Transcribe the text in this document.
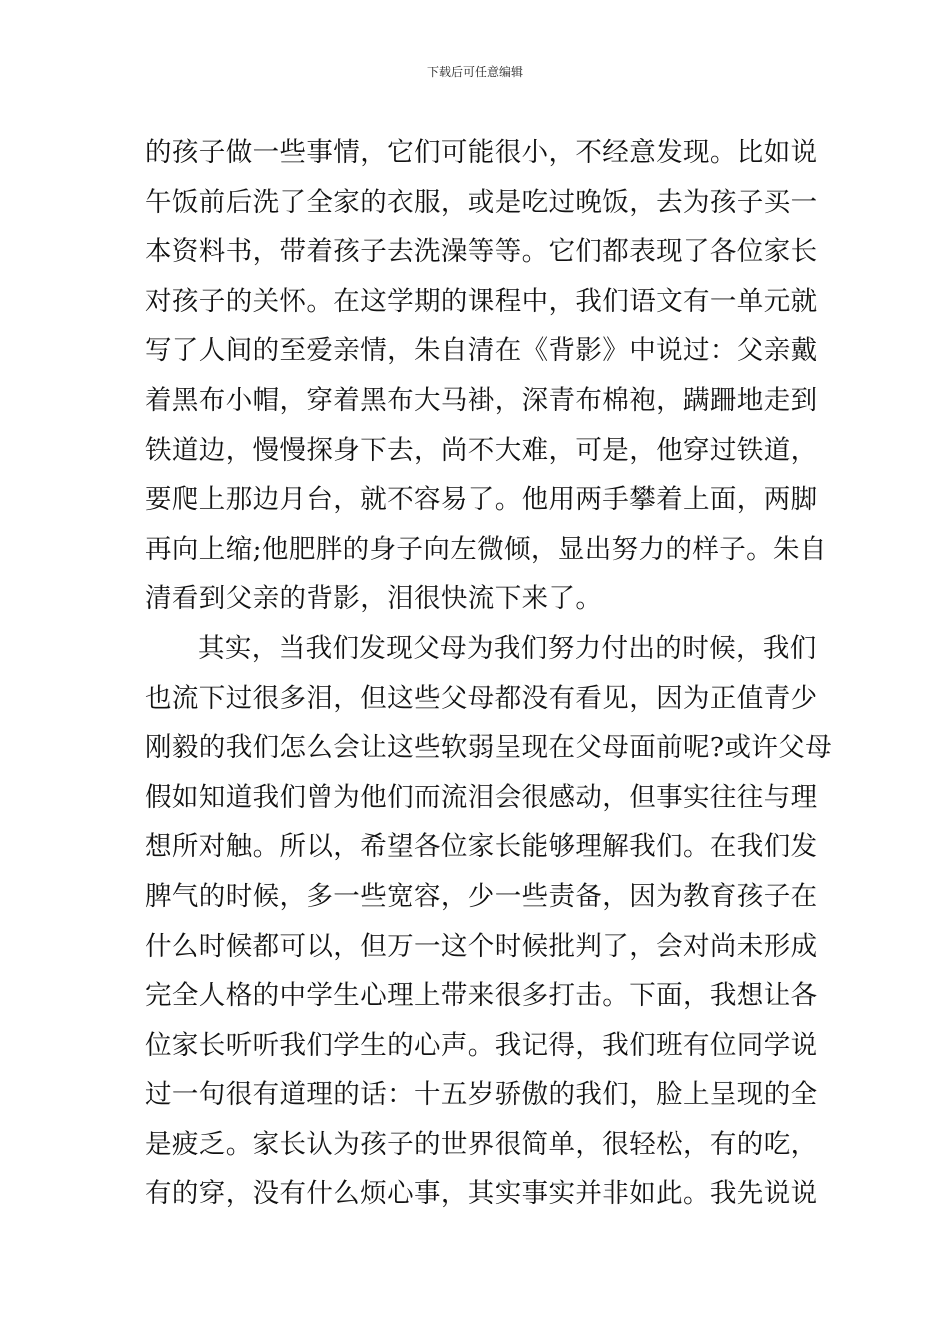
下载后可任意编辑
的孩子做一些事情，它们可能很小，不经意发现。比如说
午饭前后洗了全家的衣服，或是吃过晚饭，去为孩子买一
本资料书，带着孩子去洗澡等等。它们都表现了各位家长
对孩子的关怀。在这学期的课程中，我们语文有一单元就
写了人间的至爱亲情，朱自清在《背影》中说过：父亲戴
着黑布小帽，穿着黑布大马褂，深青布棉袍，蹒跚地走到
铁道边，慢慢探身下去，尚不大难，可是，他穿过铁道，
要爬上那边月台，就不容易了。他用两手攀着上面，两脚
再向上缩;他肥胖的身子向左微倾，显出努力的样子。朱自
清看到父亲的背影，泪很快流下来了。
其实，当我们发现父母为我们努力付出的时候，我们
也流下过很多泪，但这些父母都没有看见，因为正值青少
刚毅的我们怎么会让这些软弱呈现在父母面前呢?或许父母
假如知道我们曾为他们而流泪会很感动，但事实往往与理
想所对触。所以，希望各位家长能够理解我们。在我们发
脾气的时候，多一些宽容，少一些责备，因为教育孩子在
什么时候都可以，但万一这个时候批判了，会对尚未形成
完全人格的中学生心理上带来很多打击。下面，我想让各
位家长听听我们学生的心声。我记得，我们班有位同学说
过一句很有道理的话：十五岁骄傲的我们，脸上呈现的全
是疲乏。家长认为孩子的世界很简单，很轻松，有的吃，
有的穿，没有什么烦心事，其实事实并非如此。我先说说
